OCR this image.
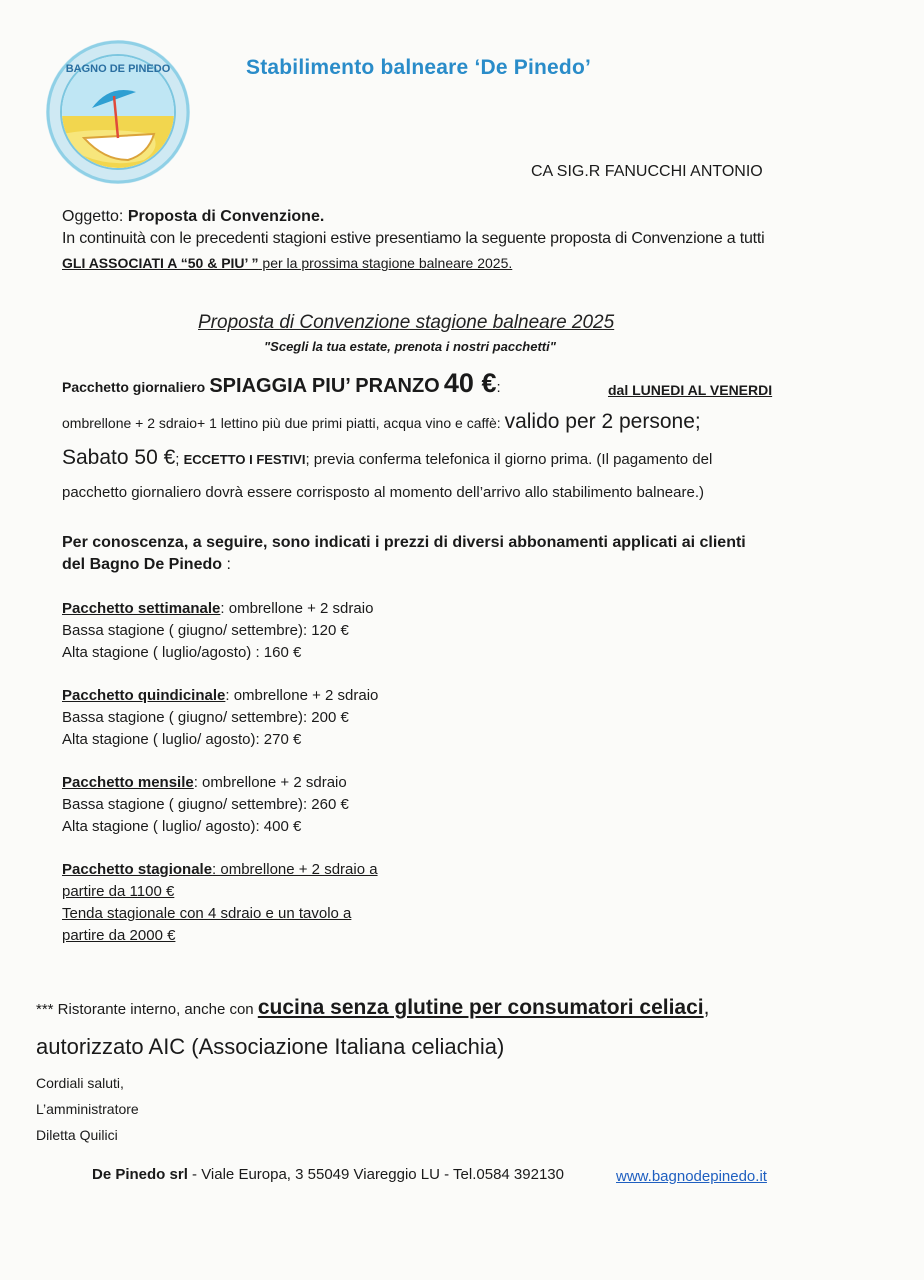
BAGNO DE PINEDO	Stabilimento balneare ‘De Pinedo’
CA SIG.R FANUCCHI ANTONIO
Oggetto: Proposta di Convenzione.
In continuità con le precedenti stagioni estive presentiamo la seguente proposta di Convenzione a tutti
GLI ASSOCIATI A “50 & PIU’ ” per la prossima stagione balneare 2025.
Proposta di Convenzione stagione balneare 2025
"Scegli la tua estate, prenota i nostri pacchetti"
Pacchetto giornaliero SPIAGGIA PIU’ PRANZO 40 €:	dal LUNEDI AL VENERDI
ombrellone + 2 sdraio+ 1 lettino più due primi piatti, acqua vino e caffè: valido per 2 persone;
Sabato 50 €; ECCETTO I FESTIVI; previa conferma telefonica il giorno prima. (Il pagamento del
pacchetto giornaliero dovrà essere corrisposto al momento dell’arrivo allo stabilimento balneare.)
Per conoscenza, a seguire, sono indicati i prezzi di diversi abbonamenti applicati ai clienti
del Bagno De Pinedo :
Pacchetto settimanale: ombrellone + 2 sdraio
Bassa stagione ( giugno/ settembre): 120 €
Alta stagione ( luglio/agosto) : 160 €
Pacchetto quindicinale: ombrellone + 2 sdraio
Bassa stagione ( giugno/ settembre): 200 €
Alta stagione ( luglio/ agosto): 270 €
Pacchetto mensile: ombrellone + 2 sdraio
Bassa stagione ( giugno/ settembre): 260 €
Alta stagione ( luglio/ agosto): 400 €
Pacchetto stagionale: ombrellone + 2 sdraio a
partire da 1100 €
Tenda stagionale con 4 sdraio e un tavolo a
partire da 2000 €
*** Ristorante interno, anche con cucina senza glutine per consumatori celiaci,
autorizzato AIC (Associazione Italiana celiachia)
Cordiali saluti,
L’amministratore
Diletta Quilici
De Pinedo srl - Viale Europa, 3 55049 Viareggio LU - Tel.0584 392130	www.bagnodepinedo.it
